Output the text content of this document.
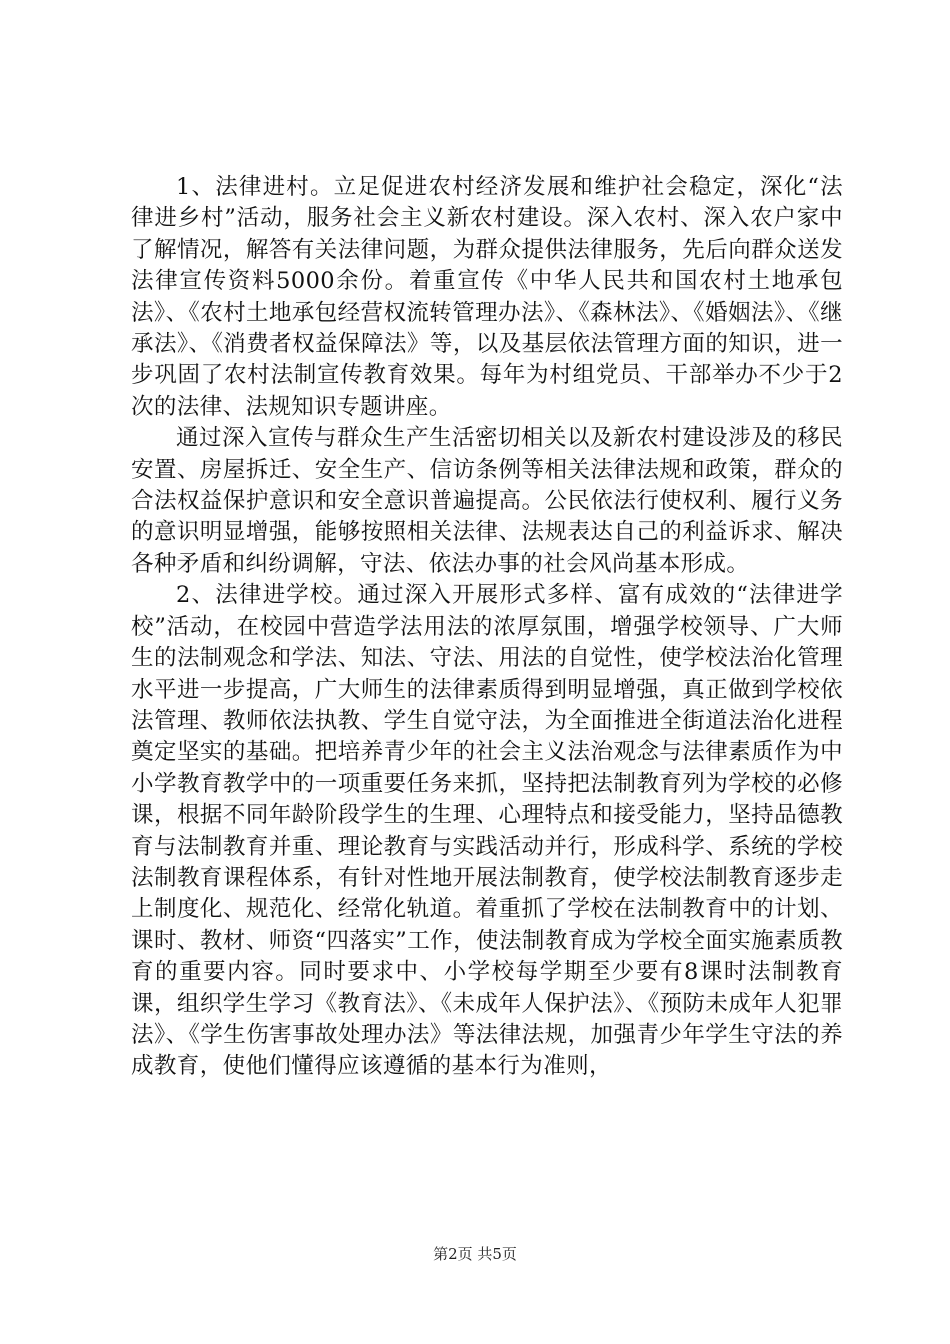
1、法律进村。立足促进农村经济发展和维护社会稳定，深化“法律进乡村”活动，服务社会主义新农村建设。深入农村、深入农户家中了解情况，解答有关法律问题，为群众提供法律服务，先后向群众送发法律宣传资料5000余份。着重宣传《中华人民共和国农村土地承包法》、《农村土地承包经营权流转管理办法》、《森林法》、《婚姻法》、《继承法》、《消费者权益保障法》等，以及基层依法管理方面的知识，进一步巩固了农村法制宣传教育效果。每年为村组党员、干部举办不少于2次的法律、法规知识专题讲座。

通过深入宣传与群众生产生活密切相关以及新农村建设涉及的移民安置、房屋拆迁、安全生产、信访条例等相关法律法规和政策，群众的合法权益保护意识和安全意识普遍提高。公民依法行使权利、履行义务的意识明显增强，能够按照相关法律、法规表达自己的利益诉求、解决各种矛盾和纠纷调解，守法、依法办事的社会风尚基本形成。

2、法律进学校。通过深入开展形式多样、富有成效的“法律进学校”活动，在校园中营造学法用法的浓厚氛围，增强学校领导、广大师生的法制观念和学法、知法、守法、用法的自觉性，使学校法治化管理水平进一步提高，广大师生的法律素质得到明显增强，真正做到学校依法管理、教师依法执教、学生自觉守法，为全面推进全街道法治化进程奠定坚实的基础。把培养青少年的社会主义法治观念与法律素质作为中小学教育教学中的一项重要任务来抓，坚持把法制教育列为学校的必修课，根据不同年龄阶段学生的生理、心理特点和接受能力，坚持品德教育与法制教育并重、理论教育与实践活动并行，形成科学、系统的学校法制教育课程体系，有针对性地开展法制教育，使学校法制教育逐步走上制度化、规范化、经常化轨道。着重抓了学校在法制教育中的计划、课时、教材、师资“四落实”工作，使法制教育成为学校全面实施素质教育的重要内容。同时要求中、小学校每学期至少要有8课时法制教育课，组织学生学习《教育法》、《未成年人保护法》、《预防未成年人犯罪法》、《学生伤害事故处理办法》等法律法规，加强青少年学生守法的养成教育，使他们懂得应该遵循的基本行为准则，

第2页 共5页
